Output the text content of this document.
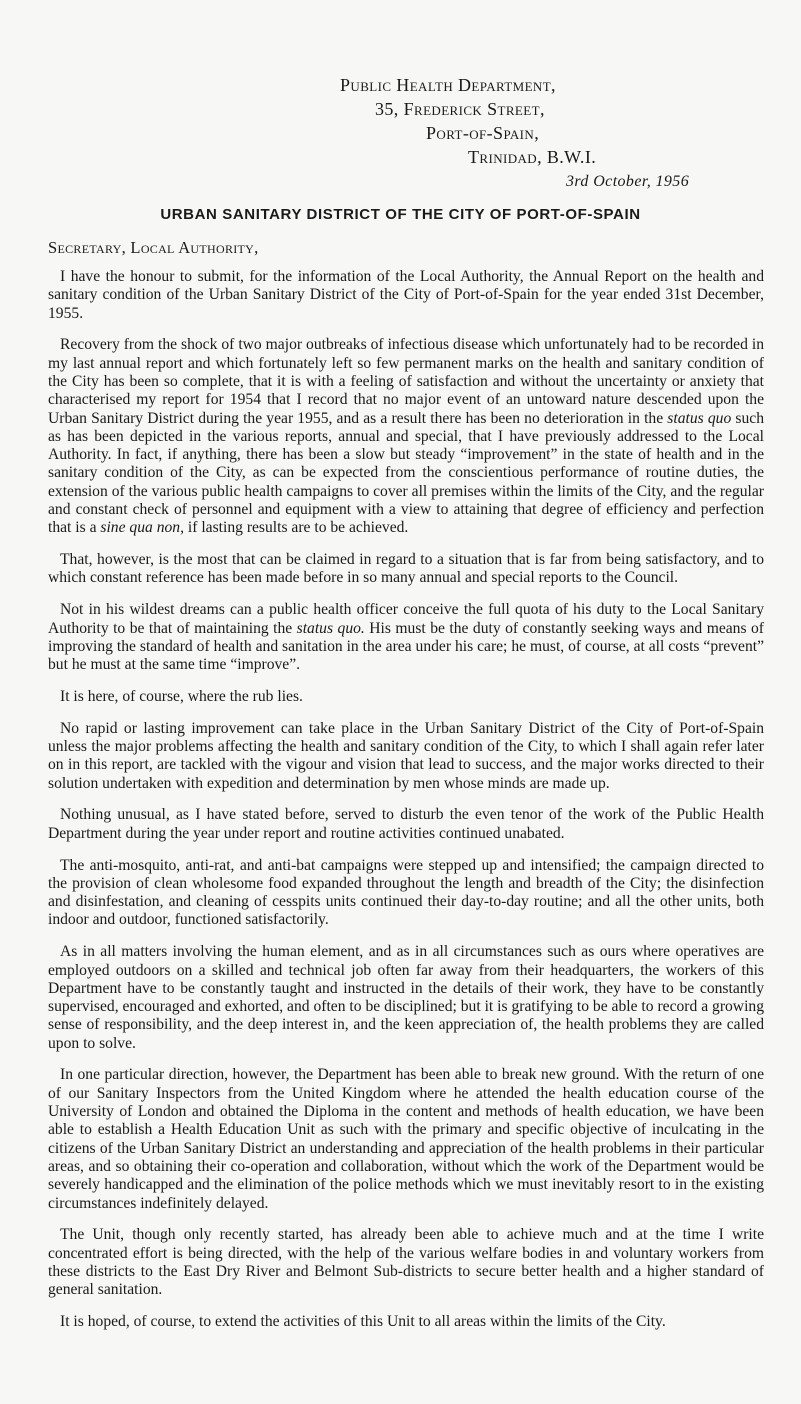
Public Health Department,
35, Frederick Street,
Port-of-Spain,
Trinidad, B.W.I.
3rd October, 1956
URBAN SANITARY DISTRICT OF THE CITY OF PORT-OF-SPAIN
Secretary, Local Authority,

I have the honour to submit, for the information of the Local Authority, the Annual Report on the health and sanitary condition of the Urban Sanitary District of the City of Port-of-Spain for the year ended 31st December, 1955.

Recovery from the shock of two major outbreaks of infectious disease which unfortunately had to be recorded in my last annual report and which fortunately left so few permanent marks on the health and sanitary condition of the City has been so complete, that it is with a feeling of satisfaction and without the uncertainty or anxiety that characterised my report for 1954 that I record that no major event of an untoward nature descended upon the Urban Sanitary District during the year 1955, and as a result there has been no deterioration in the status quo such as has been depicted in the various reports, annual and special, that I have previously addressed to the Local Authority. In fact, if anything, there has been a slow but steady “improvement” in the state of health and in the sanitary condition of the City, as can be expected from the conscientious performance of routine duties, the extension of the various public health campaigns to cover all premises within the limits of the City, and the regular and constant check of personnel and equipment with a view to attaining that degree of efficiency and perfection that is a sine qua non, if lasting results are to be achieved.

That, however, is the most that can be claimed in regard to a situation that is far from being satisfactory, and to which constant reference has been made before in so many annual and special reports to the Council.

Not in his wildest dreams can a public health officer conceive the full quota of his duty to the Local Sanitary Authority to be that of maintaining the status quo. His must be the duty of constantly seeking ways and means of improving the standard of health and sanitation in the area under his care; he must, of course, at all costs “prevent” but he must at the same time “improve”.

It is here, of course, where the rub lies.

No rapid or lasting improvement can take place in the Urban Sanitary District of the City of Port-of-Spain unless the major problems affecting the health and sanitary condition of the City, to which I shall again refer later on in this report, are tackled with the vigour and vision that lead to success, and the major works directed to their solution undertaken with expedition and determination by men whose minds are made up.

Nothing unusual, as I have stated before, served to disturb the even tenor of the work of the Public Health Department during the year under report and routine activities continued unabated.

The anti-mosquito, anti-rat, and anti-bat campaigns were stepped up and intensified; the campaign directed to the provision of clean wholesome food expanded throughout the length and breadth of the City; the disinfection and disinfestation, and cleaning of cesspits units continued their day-to-day routine; and all the other units, both indoor and outdoor, functioned satisfactorily.

As in all matters involving the human element, and as in all circumstances such as ours where operatives are employed outdoors on a skilled and technical job often far away from their headquarters, the workers of this Department have to be constantly taught and instructed in the details of their work, they have to be constantly supervised, encouraged and exhorted, and often to be disciplined; but it is gratifying to be able to record a growing sense of responsibility, and the deep interest in, and the keen appreciation of, the health problems they are called upon to solve.

In one particular direction, however, the Department has been able to break new ground. With the return of one of our Sanitary Inspectors from the United Kingdom where he attended the health education course of the University of London and obtained the Diploma in the content and methods of health education, we have been able to establish a Health Education Unit as such with the primary and specific objective of inculcating in the citizens of the Urban Sanitary District an understanding and appreciation of the health problems in their particular areas, and so obtaining their co-operation and collaboration, without which the work of the Department would be severely handicapped and the elimination of the police methods which we must inevitably resort to in the existing circumstances indefinitely delayed.

The Unit, though only recently started, has already been able to achieve much and at the time I write concentrated effort is being directed, with the help of the various welfare bodies in and voluntary workers from these districts to the East Dry River and Belmont Sub-districts to secure better health and a higher standard of general sanitation.

It is hoped, of course, to extend the activities of this Unit to all areas within the limits of the City.
